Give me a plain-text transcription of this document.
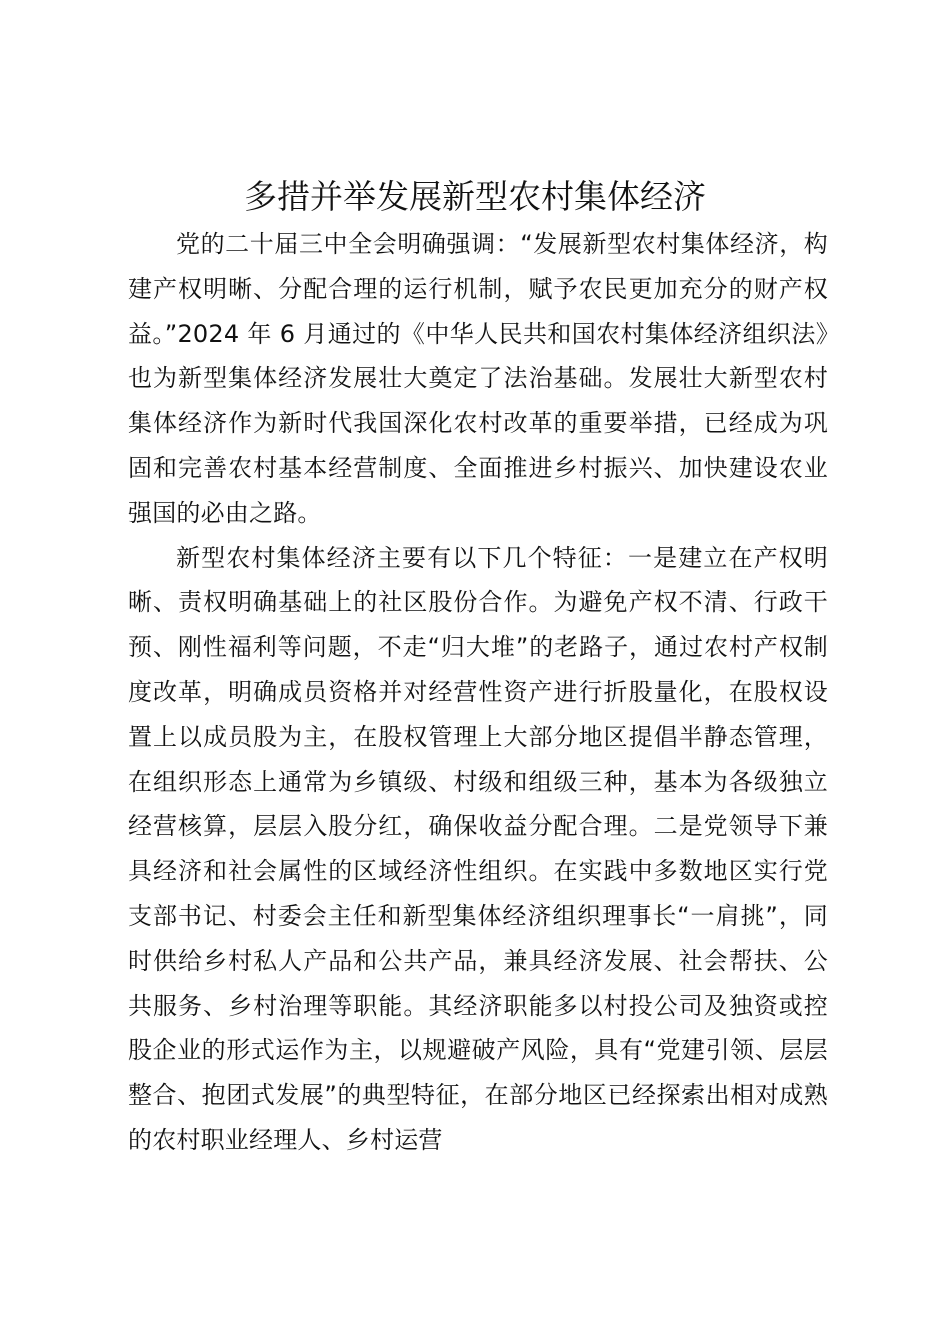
多措并举发展新型农村集体经济

党的二十届三中全会明确强调：“发展新型农村集体经济，构建产权明晰、分配合理的运行机制，赋予农民更加充分的财产权益。”2024 年 6 月通过的《中华人民共和国农村集体经济组织法》也为新型集体经济发展壮大奠定了法治基础。发展壮大新型农村集体经济作为新时代我国深化农村改革的重要举措，已经成为巩固和完善农村基本经营制度、全面推进乡村振兴、加快建设农业强国的必由之路。

新型农村集体经济主要有以下几个特征：一是建立在产权明晰、责权明确基础上的社区股份合作。为避免产权不清、行政干预、刚性福利等问题，不走“归大堆”的老路子，通过农村产权制度改革，明确成员资格并对经营性资产进行折股量化，在股权设置上以成员股为主，在股权管理上大部分地区提倡半静态管理，在组织形态上通常为乡镇级、村级和组级三种，基本为各级独立经营核算，层层入股分红，确保收益分配合理。二是党领导下兼具经济和社会属性的区域经济性组织。在实践中多数地区实行党支部书记、村委会主任和新型集体经济组织理事长“一肩挑”，同时供给乡村私人产品和公共产品，兼具经济发展、社会帮扶、公共服务、乡村治理等职能。其经济职能多以村投公司及独资或控股企业的形式运作为主，以规避破产风险，具有“党建引领、层层整合、抱团式发展”的典型特征，在部分地区已经探索出相对成熟的农村职业经理人、乡村运营
